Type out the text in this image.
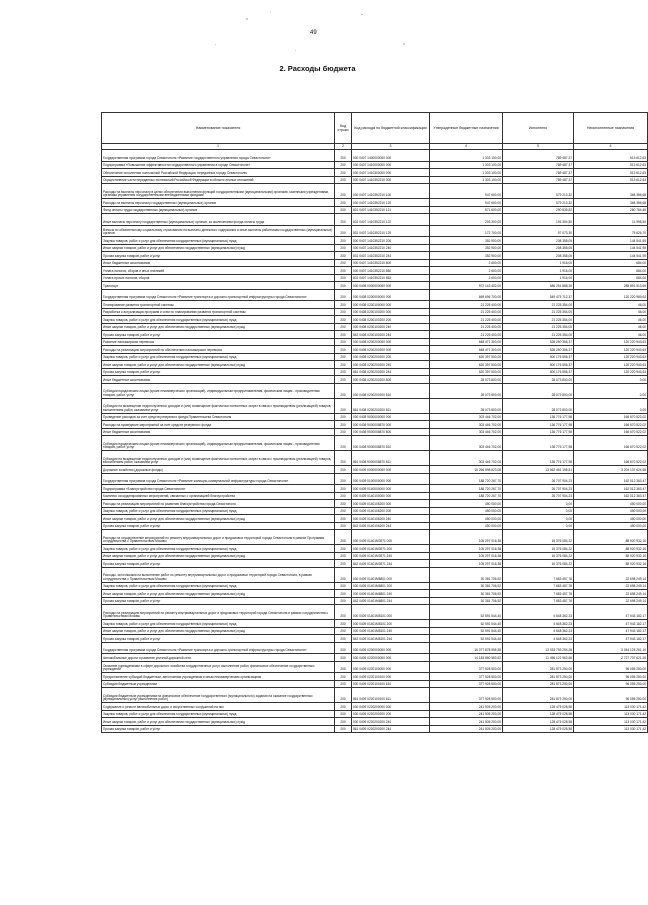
49
2. Расходы бюджета
Наименование показателя	Код строки	Код расхода по бюджетной классификации	Утвержденные бюджетные назначения	Исполнено	Неисполненные назначения
1	2	3	4	5	6
Государственная программа города Севастополя «Развитие государственного управления города Севастополя»	200	000 0407 1400000000 000	1 303 100,00	789 487,37	513 612,63
Подпрограмма «Повышение эффективности государственного управления в городе Севастополе»	200	000 0407 1410000000 000	1 303 100,00	789 487,37	513 612,63
Обеспечение исполнения полномочий Российской Федерации, переданных городу Севастополю	200	000 0407 1410300000 000	1 303 100,00	789 487,37	513 612,63
Осуществление части переданных полномочий Российской Федерации в области лесных отношений	200	000 0407 1410352210 000	1 303 100,00	789 487,37	513 612,63
Расходы на выплаты персоналу в целях обеспечения выполнения функций государственными (муниципальными) органами, казенными учреждениями, органами управления государственными внебюджетными фондами	200	000 0407 1410352210 100	947 600,00	579 213,32	368 386,68
Расходы на выплаты персоналу государственных (муниципальных) органов	200	000 0407 1410352210 120	947 600,00	579 213,32	368 386,68
Фонд оплаты труда государственных (муниципальных) органов	200	831 0407 1410352210 121	571 600,00	290 835,52	280 764,48
Иные выплаты персоналу государственных (муниципальных) органов, за исключением фонда оплаты труда	200	831 0407 1410352210 122	203 300,00	191 304,50	11 995,50
Взносы по обязательному социальному страхованию на выплаты денежного содержания и иные выплаты работникам государственных (муниципальных) органов	200	831 0407 1410352210 129	172 700,00	97 073,30	75 626,70
Закупка товаров, работ и услуг для обеспечения государственных (муниципальных) нужд	200	000 0407 1410352210 200	352 900,00	208 358,05	144 541,95
Иные закупки товаров, работ и услуг для обеспечения государственных (муниципальных) нужд	200	000 0407 1410352210 240	352 900,00	208 358,05	144 541,95
Прочая закупка товаров, работ и услуг	200	831 0407 1410352210 244	352 900,00	208 358,05	144 541,95
Иные бюджетные ассигнования	200	000 0407 1410352210 800	2 600,00	1 916,00	684,00
Уплата налогов, сборов и иных платежей	200	000 0407 1410352210 850	2 600,00	1 916,00	684,00
Уплата прочих налогов, сборов	200	831 0407 1410352210 852	2 600,00	1 916,00	684,00
Транспорт	200	000 0408 0000000000 000	972 143 402,00	686 251 888,35	285 891 513,65
Государственная программа города Севастополя «Развитие транспорта и дорожно-транспортной инфраструктуры города Севастополя»	200	000 0408 0200000000 000	669 696 700,00	549 475 712,37	120 220 989,63
Планирование развития транспортной системы	200	000 0408 0200100000 000	21 225 400,00	21 225 354,00	46,00
Разработка и актуализация программ и схем по планированию развития транспортной системы	200	000 0408 0200100200 000	21 225 400,00	21 225 354,00	46,00
Закупка товаров, работ и услуг для обеспечения государственных (муниципальных) нужд	200	000 0408 0200100200 200	21 225 400,00	21 225 354,00	46,00
Иные закупки товаров, работ и услуг для обеспечения государственных (муниципальных) нужд	200	000 0408 0200100200 240	21 225 400,00	21 225 354,00	46,00
Прочая закупка товаров, работ и услуг	200	842 0408 0200100200 244	21 225 400,00	21 225 354,00	46,00
Развитие пассажирских перевозок	200	000 0408 0200200000 000	648 471 300,00	528 250 356,37	120 220 943,63
Расходы на реализацию мероприятий по обеспечению пассажирских перевозок	200	000 0408 0200200200 000	648 471 300,00	528 250 356,37	120 220 943,63
Закупка товаров, работ и услуг для обеспечения государственных (муниципальных) нужд	200	000 0408 0200200200 200	620 397 500,00	500 176 556,37	120 220 943,63
Иные закупки товаров, работ и услуг для обеспечения государственных (муниципальных) нужд	200	000 0408 0200200200 240	620 397 500,00	500 176 556,37	120 220 943,63
Прочая закупка товаров, работ и услуг	200	861 0408 0200200200 244	620 397 500,00	500 176 556,37	120 220 943,63
Иные бюджетные ассигнования	200	000 0408 0200200200 800	28 073 800,00	28 073 800,00	0,00
Субсидии юридическим лицам (кроме некоммерческих организаций), индивидуальным предпринимателям, физическим лицам - производителям товаров, работ, услуг	200	000 0408 0200200200 810	28 073 800,00	28 073 800,00	0,00
Субсидии на возмещение недополученных доходов и (или) возмещение фактически понесенных затрат в связи с производством (реализацией) товаров, выполнением работ, оказанием услуг	200	861 0408 0200200200 811	28 073 800,00	28 073 800,00	0,00
Проведение расходов за счет средств резервного фонда Правительства Севастополя	200	000 0408 9000000000 000	303 446 702,00	136 776 177,98	166 670 522,02
Расходы на проведение мероприятий за счет средств резервного фонда	200	000 0408 9000008870 000	303 446 702,00	136 776 177,98	166 670 522,02
Иные бюджетные ассигнования	200	000 0408 9000008870 800	303 446 702,00	136 776 177,98	166 670 522,02
Субсидии юридическим лицам (кроме некоммерческих организаций), индивидуальным предпринимателям, физическим лицам - производителям товаров, работ, услуг	200	000 0408 9000008870 810	303 446 702,00	136 776 177,98	166 670 522,02
Субсидии на возмещение недополученных доходов и (или) возмещение фактически понесенных затрат в связи с производством (реализацией) товаров, выполнением работ, оказанием услуг	200	861 0408 9000008870 811	303 446 702,00	136 776 177,98	166 670 522,02
Дорожное хозяйство (дорожные фонды)	200	000 0409 0000000000 000	16 266 598 823,08	13 062 461 198,51	3 204 137 624,58
Государственная программа города Севастополя «Развитие жилищно-коммунальной инфраструктуры города Севастополя»	200	000 0409 0100000000 000	188 720 267,70	26 707 904,23	162 012 363,47
Подпрограмма «Благоустройство города Севастополя»	200	000 0409 0140000000 000	188 720 267,70	26 707 904,23	162 012 363,47
Комплекс скоординированных мероприятий, связанных с организацией благоустройства	200	000 0409 0140100000 000	188 720 267,70	26 707 904,23	162 012 363,47
Расходы на реализацию мероприятий по развитию благоустройства города Севастополя	200	000 0409 0140106200 000	450 000,00	0,00	450 000,00
Закупка товаров, работ и услуг для обеспечения государственных (муниципальных) нужд	200	000 0409 0140106200 200	450 000,00	0,00	450 000,00
Иные закупки товаров, работ и услуг для обеспечения государственных (муниципальных) нужд	200	000 0409 0140106200 240	450 000,00	0,00	450 000,00
Прочая закупка товаров, работ и услуг	200	842 0409 0140106200 244	450 000,00	0,00	450 000,00
Расходы на осуществление мероприятий по ремонту внутриквартальных дорог и придомовых территорий города Севастополя в рамках Программы сотрудничества с Правительством Москвы	200	000 0409 01401M3971 000	105 297 016,38	16 376 084,22	88 920 932,16
Закупка товаров, работ и услуг для обеспечения государственных (муниципальных) нужд	200	000 0409 01401M3971 200	105 297 016,38	16 376 084,22	88 920 932,16
Иные закупки товаров, работ и услуг для обеспечения государственных (муниципальных) нужд	200	000 0409 01401M3971 240	105 297 016,38	16 376 084,22	88 920 932,16
Прочая закупка товаров, работ и услуг	200	842 0409 01401M3971 244	105 297 016,38	16 376 084,22	88 920 932,16
Расходы, источниками на выполнение работ по ремонту внутриквартальных дорог и придомовых территорий города Севастополя, в рамках сотрудничества с Правительством Москвы	200	000 0409 01401M6801 000	30 381 706,92	7 683 457,78	22 698 249,14
Закупка товаров, работ и услуг для обеспечения государственных (муниципальных) нужд	200	000 0409 01401M6801 200	30 381 706,92	7 683 457,78	22 698 249,14
Иные закупки товаров, работ и услуг для обеспечения государственных (муниципальных) нужд	200	000 0409 01401M6801 240	30 381 706,92	7 683 457,78	22 698 249,14
Прочая закупка товаров, работ и услуг	200	842 0409 01401M6801 244	30 381 706,92	7 683 457,78	22 698 249,14
Расходы на реализацию мероприятий по ремонту внутриквартальных дорог и придомовых территорий города Севастополя в рамках сотрудничества с Правительством Москвы	200	000 0409 01401M8101 000	52 591 544,40	4 648 362,23	47 943 182,17
Закупка товаров, работ и услуг для обеспечения государственных (муниципальных) нужд	200	000 0409 01401M8101 200	52 591 544,40	4 648 362,23	47 943 182,17
Иные закупки товаров, работ и услуг для обеспечения государственных (муниципальных) нужд	200	000 0409 01401M8101 240	52 591 544,40	4 648 362,23	47 943 182,17
Прочая закупка товаров, работ и услуг	200	842 0409 01401M8101 244	52 591 544,40	4 648 362,23	47 943 182,17
Государственная программа города Севастополя «Развитие транспорта и дорожно-транспортной инфраструктуры города Севастополя»	200	000 0409 0200000000 000	16 077 878 555,38	13 033 753 294,28	3 044 125 261,10
Автомобильные дороги и развитие уличной-дорожной сети	200	000 0409 0220000000 000	14 183 860 583,92	11 456 122 962,66	2 727 737 621,26
Оказание учреждениями в сфере дорожного хозяйства государственных услуг, выполнение работ, финансовое обеспечение государственных учреждений	200	000 0409 0220100000 000	377 928 500,00	281 873 250,00	96 055 250,00
Предоставление субсидий бюджетным, автономным учреждениям и иным некоммерческим организациям	200	000 0409 0220100100 000	377 928 500,00	281 873 250,00	96 055 250,00
Субсидии бюджетным учреждениям	200	000 0409 0220100100 610	377 928 500,00	281 873 250,00	96 055 250,00
Субсидии бюджетным учреждениям на финансовое обеспечение государственного (муниципального) задания на оказание государственных (муниципальных) услуг (выполнение работ)	200	861 0409 0220100100 611	377 928 500,00	281 873 250,00	96 055 250,00
Содержание и ремонт автомобильных дорог и искусственных сооружений на них	200	000 0409 0220200000 000	241 505 200,00	128 475 028,58	113 030 171,42
Закупка товаров, работ и услуг для обеспечения государственных (муниципальных) нужд	200	000 0409 0220200200 200	241 505 200,00	128 475 028,58	113 030 171,42
Иные закупки товаров, работ и услуг для обеспечения государственных (муниципальных) нужд	200	000 0409 0220200200 240	241 505 200,00	128 475 028,58	113 030 171,42
Прочая закупка товаров, работ и услуг	200	861 0409 0220200200 244	241 505 200,00	128 475 028,58	113 030 171,42
